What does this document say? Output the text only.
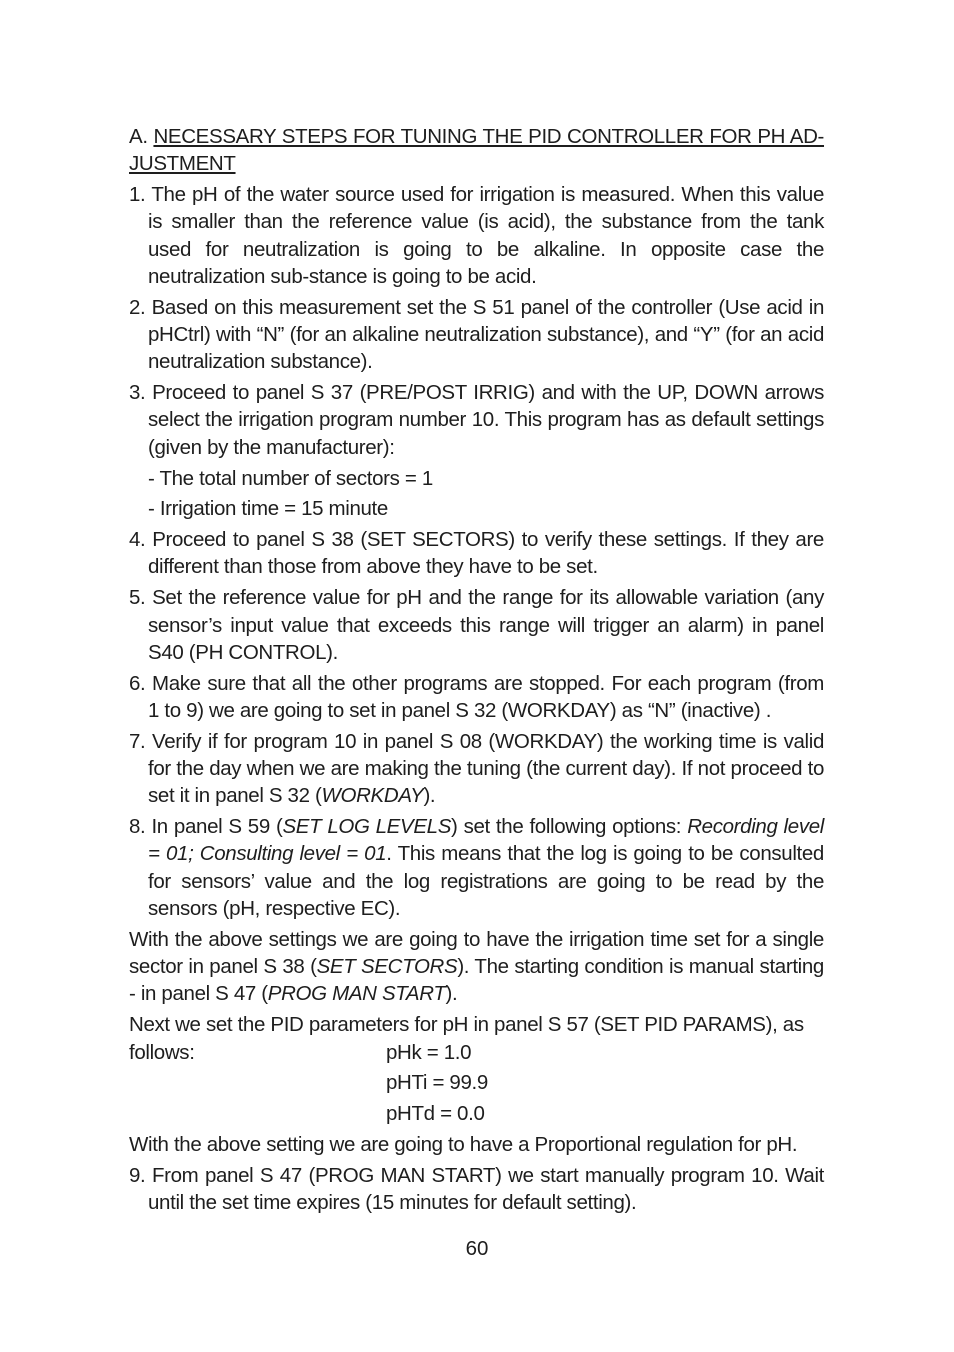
A. NECESSARY STEPS FOR TUNING THE PID CONTROLLER FOR PH AD-JUSTMENT

1. The pH of the water source used for irrigation is measured. When this value is smaller than the reference value (is acid), the substance from the tank used for neutralization is going to be alkaline. In opposite case the neutralization sub-stance is going to be acid.

2. Based on this measurement set the S 51 panel of the controller (Use acid in pHCtrl) with “N” (for an alkaline neutralization substance), and “Y” (for an acid neutralization substance).

3. Proceed to panel S 37 (PRE/POST IRRIG) and with the UP, DOWN arrows select the irrigation program number 10. This program has as default settings (given by the manufacturer):

- The total number of sectors = 1

- Irrigation time = 15 minute

4. Proceed to panel S 38 (SET SECTORS) to verify these settings. If they are different than those from above they have to be set.

5. Set the reference value for pH and the range for its allowable variation (any sensor’s input value that exceeds this range will trigger an alarm) in panel S40 (PH CONTROL).

6. Make sure that all the other programs are stopped. For each program (from 1 to 9) we are going to set in panel S 32 (WORKDAY) as “N” (inactive) .

7. Verify if for program 10 in panel S 08 (WORKDAY) the working time is valid for the day when we are making the tuning (the current day). If not proceed to set it in panel S 32 (WORKDAY).

8. In panel S 59 (SET LOG LEVELS) set the following options: Recording level = 01; Consulting level = 01. This means that the log is going to be consulted for sensors’ value and the log registrations are going to be read by the sensors (pH, respective EC).

With the above settings we are going to have the irrigation time set for a single sector in panel S 38 (SET SECTORS). The starting condition is manual starting - in panel S 47 (PROG MAN START).

Next we set the PID parameters for pH in panel S 57 (SET PID PARAMS), as

follows:	pHk = 1.0

pHTi = 99.9

pHTd = 0.0

With the above setting we are going to have a Proportional regulation for pH.

9. From panel S 47 (PROG MAN START) we start manually program 10. Wait until the set time expires (15 minutes for default setting).

60
